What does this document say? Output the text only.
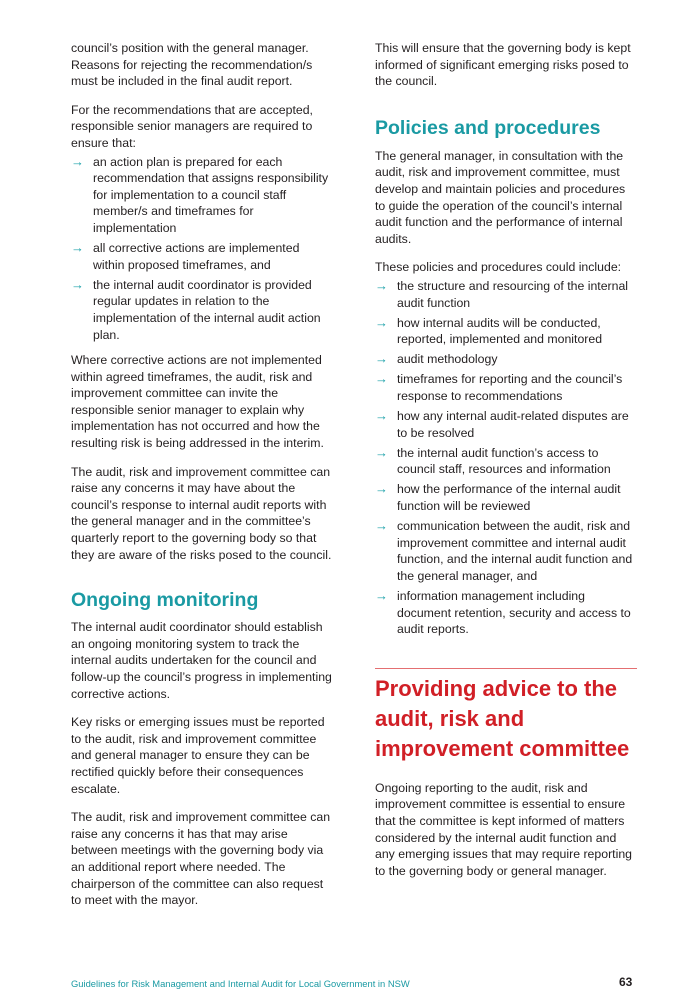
council’s position with the general manager. Reasons for rejecting the recommendation/s must be included in the final audit report.

For the recommendations that are accepted, responsible senior managers are required to ensure that:

→ an action plan is prepared for each recommendation that assigns responsibility for implementation to a council staff member/s and timeframes for implementation
→ all corrective actions are implemented within proposed timeframes, and
→ the internal audit coordinator is provided regular updates in relation to the implementation of the internal audit action plan.

Where corrective actions are not implemented within agreed timeframes, the audit, risk and improvement committee can invite the responsible senior manager to explain why implementation has not occurred and how the resulting risk is being addressed in the interim.

The audit, risk and improvement committee can raise any concerns it may have about the council’s response to internal audit reports with the general manager and in the committee’s quarterly report to the governing body so that they are aware of the risks posed to the council.

Ongoing monitoring

The internal audit coordinator should establish an ongoing monitoring system to track the internal audits undertaken for the council and follow-up the council’s progress in implementing corrective actions.

Key risks or emerging issues must be reported to the audit, risk and improvement committee and general manager to ensure they can be rectified quickly before their consequences escalate.

The audit, risk and improvement committee can raise any concerns it has that may arise between meetings with the governing body via an additional report where needed. The chairperson of the committee can also request to meet with the mayor.

This will ensure that the governing body is kept informed of significant emerging risks posed to the council.

Policies and procedures

The general manager, in consultation with the audit, risk and improvement committee, must develop and maintain policies and procedures to guide the operation of the council’s internal audit function and the performance of internal audits.

These policies and procedures could include:

→ the structure and resourcing of the internal audit function
→ how internal audits will be conducted, reported, implemented and monitored
→ audit methodology
→ timeframes for reporting and the council’s response to recommendations
→ how any internal audit-related disputes are to be resolved
→ the internal audit function’s access to council staff, resources and information
→ how the performance of the internal audit function will be reviewed
→ communication between the audit, risk and improvement committee and internal audit function, and the internal audit function and the general manager, and
→ information management including document retention, security and access to audit reports.
Providing advice to the audit, risk and improvement committee

Ongoing reporting to the audit, risk and improvement committee is essential to ensure that the committee is kept informed of matters considered by the internal audit function and any emerging issues that may require reporting to the governing body or general manager.

Guidelines for Risk Management and Internal Audit for Local Government in NSW	63
